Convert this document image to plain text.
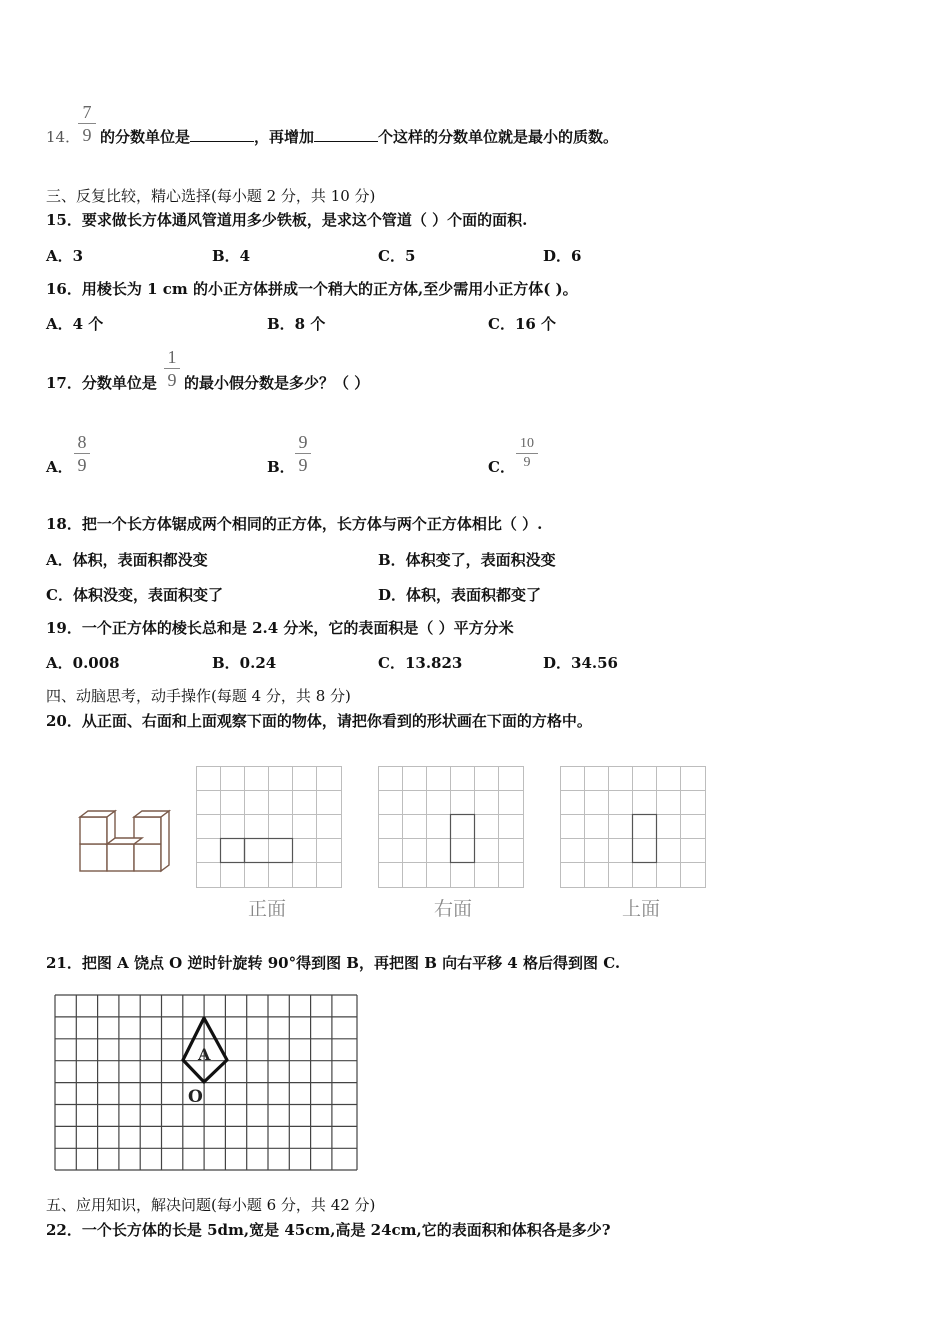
14．
7
9 的分数单位是	，再增加	个这样的分数单位就是最小的质数。
三、反复比较，精心选择(每小题 2 分，共 10 分)
15．要求做长方体通风管道用多少铁板，是求这个管道（ ）个面的面积.
A．3	B．4	C．5	D．6
16．用棱长为 1 cm 的小正方体拼成一个稍大的正方体,至少需用小正方体( )。
A．4 个	B．8 个	C．16 个
17．分数单位是
1
9 的最小假分数是多少？（ ）
A．
8
9	B．
9
9	C．
10
9
18．把一个长方体锯成两个相同的正方体，长方体与两个正方体相比（ ）.
A．体积，表面积都没变	B．体积变了，表面积没变
C．体积没变，表面积变了	D．体积，表面积都变了
19．一个正方体的棱长总和是 2.4 分米，它的表面积是（ ）平方分米
A．0.008	B．0.24	C．13.823	D．34.56
四、动脑思考，动手操作(每题 4 分，共 8 分)
20．从正面、右面和上面观察下面的物体，请把你看到的形状画在下面的方格中。
正面	右面	上面
21．把图 A 饶点 O 逆时针旋转 90°得到图 B，再把图 B 向右平移 4 格后得到图 C.
A
O
五、应用知识，解决问题(每小题 6 分，共 42 分)
22．一个长方体的长是 5dm,宽是 45cm,高是 24cm,它的表面积和体积各是多少?
